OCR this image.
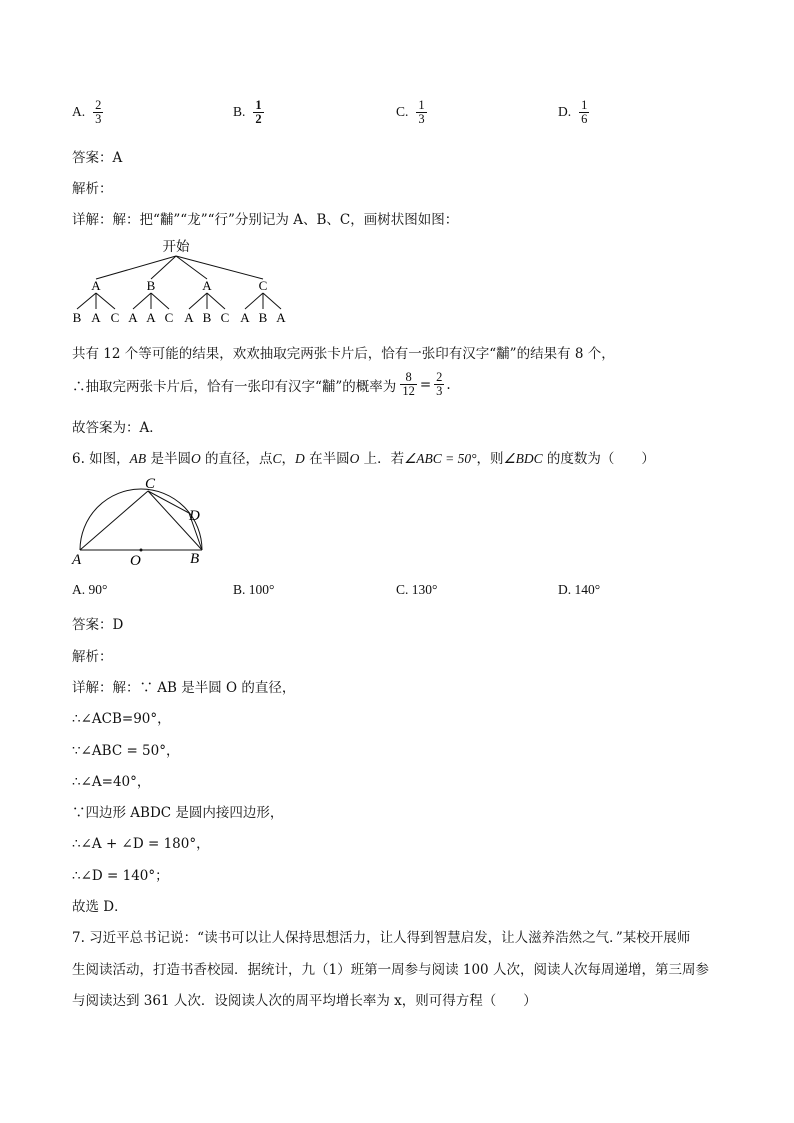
A. $\frac{2}{3}$	B. $\frac{1}{2}$	C. $\frac{1}{3}$	D. $\frac{1}{6}$
答案：A
解析：
详解：解：把“黼”“龙”“行”分别记为 A、B、C，画树状图如图：
开始
A	B	A	C
B A C A A C A B C A B A
共有 12 个等可能的结果，欢欢抽取完两张卡片后，恰有一张印有汉字“黼”的结果有 8 个，
∴抽取完两张卡片后，恰有一张印有汉字“黼”的概率为 $\frac{8}{12} = \frac{2}{3}$ .
故答案为：A．
6. 如图，AB 是半圆O 的直径，点C，D 在半圆O 上．若∠ABC = 50°，则∠BDC 的度数为（　　）
A	B
C
D
O
A. 90°	B. 100°	C. 130°	D. 140°
答案：D
解析：
详解：解：∵ AB 是半圆 O 的直径，
∴∠ACB=90°，
∵∠ABC = 50°，
∴∠A=40°，
∵四边形 ABDC 是圆内接四边形，
∴∠A + ∠D = 180°，
∴∠D = 140°；
故选 D．
7. 习近平总书记说：“读书可以让人保持思想活力，让人得到智慧启发，让人滋养浩然之气．”某校开展师
生阅读活动，打造书香校园．据统计，九（1）班第一周参与阅读 100 人次，阅读人次每周递增，第三周参
与阅读达到 361 人次．设阅读人次的周平均增长率为 x，则可得方程（　　）
